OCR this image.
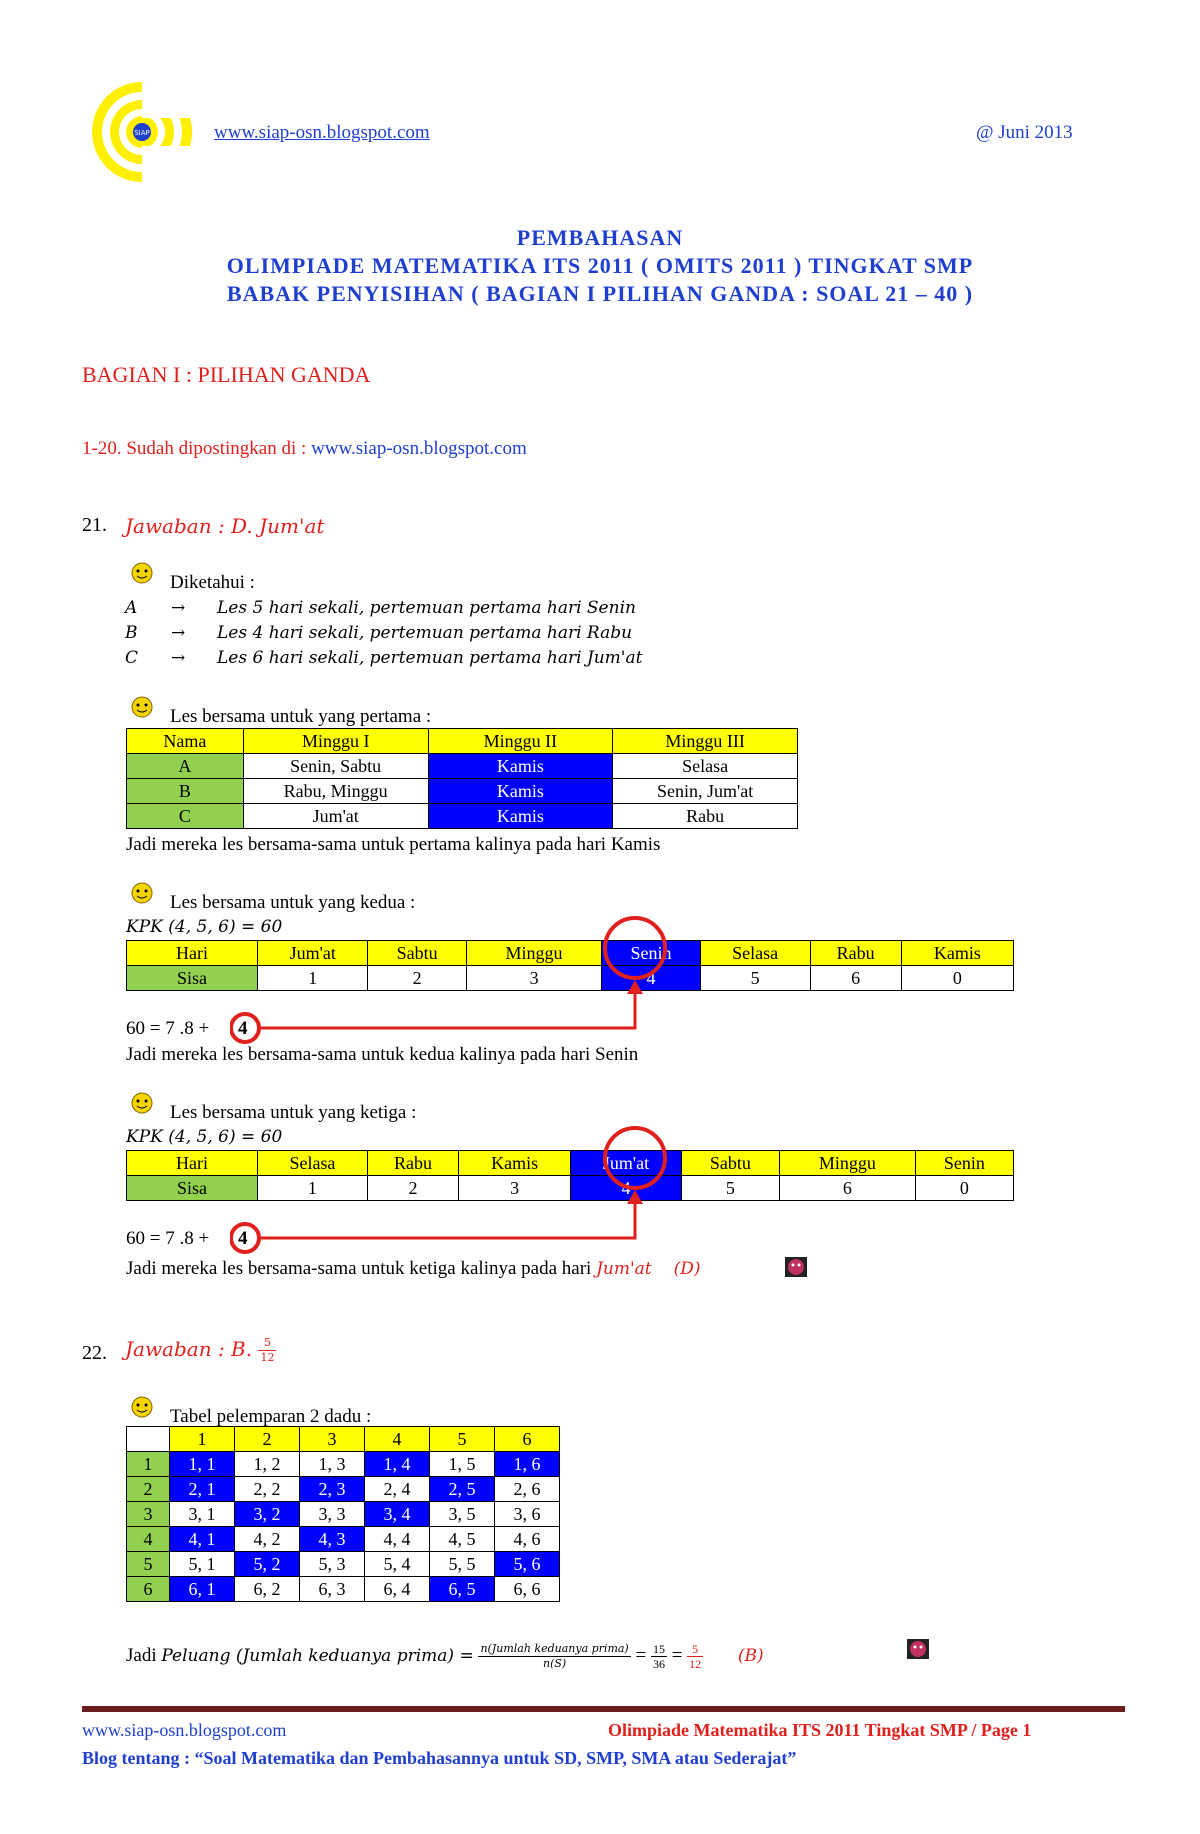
SIAP	www.siap-osn.blogspot.com	@ Juni 2013
PEMBAHASAN
OLIMPIADE MATEMATIKA ITS 2011 ( OMITS 2011 ) TINGKAT SMP
BABAK PENYISIHAN ( BAGIAN I PILIHAN GANDA : SOAL 21 – 40 )
BAGIAN I : PILIHAN GANDA
1-20. Sudah dipostingkan di : www.siap-osn.blogspot.com
21. Jawaban : D. Jum'at
Diketahui :
A → Les 5 hari sekali, pertemuan pertama hari Senin
B → Les 4 hari sekali, pertemuan pertama hari Rabu
C → Les 6 hari sekali, pertemuan pertama hari Jum'at
Les bersama untuk yang pertama :
Nama	Minggu I	Minggu II	Minggu III
A	Senin, Sabtu	Kamis	Selasa
B	Rabu, Minggu	Kamis	Senin, Jum'at
C	Jum'at	Kamis	Rabu
Jadi mereka les bersama-sama untuk pertama kalinya pada hari Kamis
Les bersama untuk yang kedua :
KPK (4, 5, 6) = 60
Hari	Jum'at	Sabtu	Minggu	Senin	Selasa	Rabu	Kamis
Sisa	1	2	3	4	5	6	0
60 = 7 .8 + 4
Jadi mereka les bersama-sama untuk kedua kalinya pada hari Senin
Les bersama untuk yang ketiga :
KPK (4, 5, 6) = 60
Hari	Selasa	Rabu	Kamis	Jum'at	Sabtu	Minggu	Senin
Sisa	1	2	3	4	5	6	0
60 = 7 .8 + 4
Jadi mereka les bersama-sama untuk ketiga kalinya pada hari Jum'at (D)
22. Jawaban : B. $\frac{5}{12}$
Tabel pelemparan 2 dadu :
	1	2	3	4	5	6
1	1, 1	1, 2	1, 3	1, 4	1, 5	1, 6
2	2, 1	2, 2	2, 3	2, 4	2, 5	2, 6
3	3, 1	3, 2	3, 3	3, 4	3, 5	3, 6
4	4, 1	4, 2	4, 3	4, 4	4, 5	4, 6
5	5, 1	5, 2	5, 3	5, 4	5, 5	5, 6
6	6, 1	6, 2	6, 3	6, 4	6, 5	6, 6
Jadi Peluang (Jumlah keduanya prima) = $\frac{\text{n(Jumlah keduanya prima)}}{n(S)} = \frac{15}{36} = \frac{5}{12} (B)$
www.siap-osn.blogspot.com	Olimpiade Matematika ITS 2011 Tingkat SMP / Page 1
Blog tentang : “Soal Matematika dan Pembahasannya untuk SD, SMP, SMA atau Sederajat”
